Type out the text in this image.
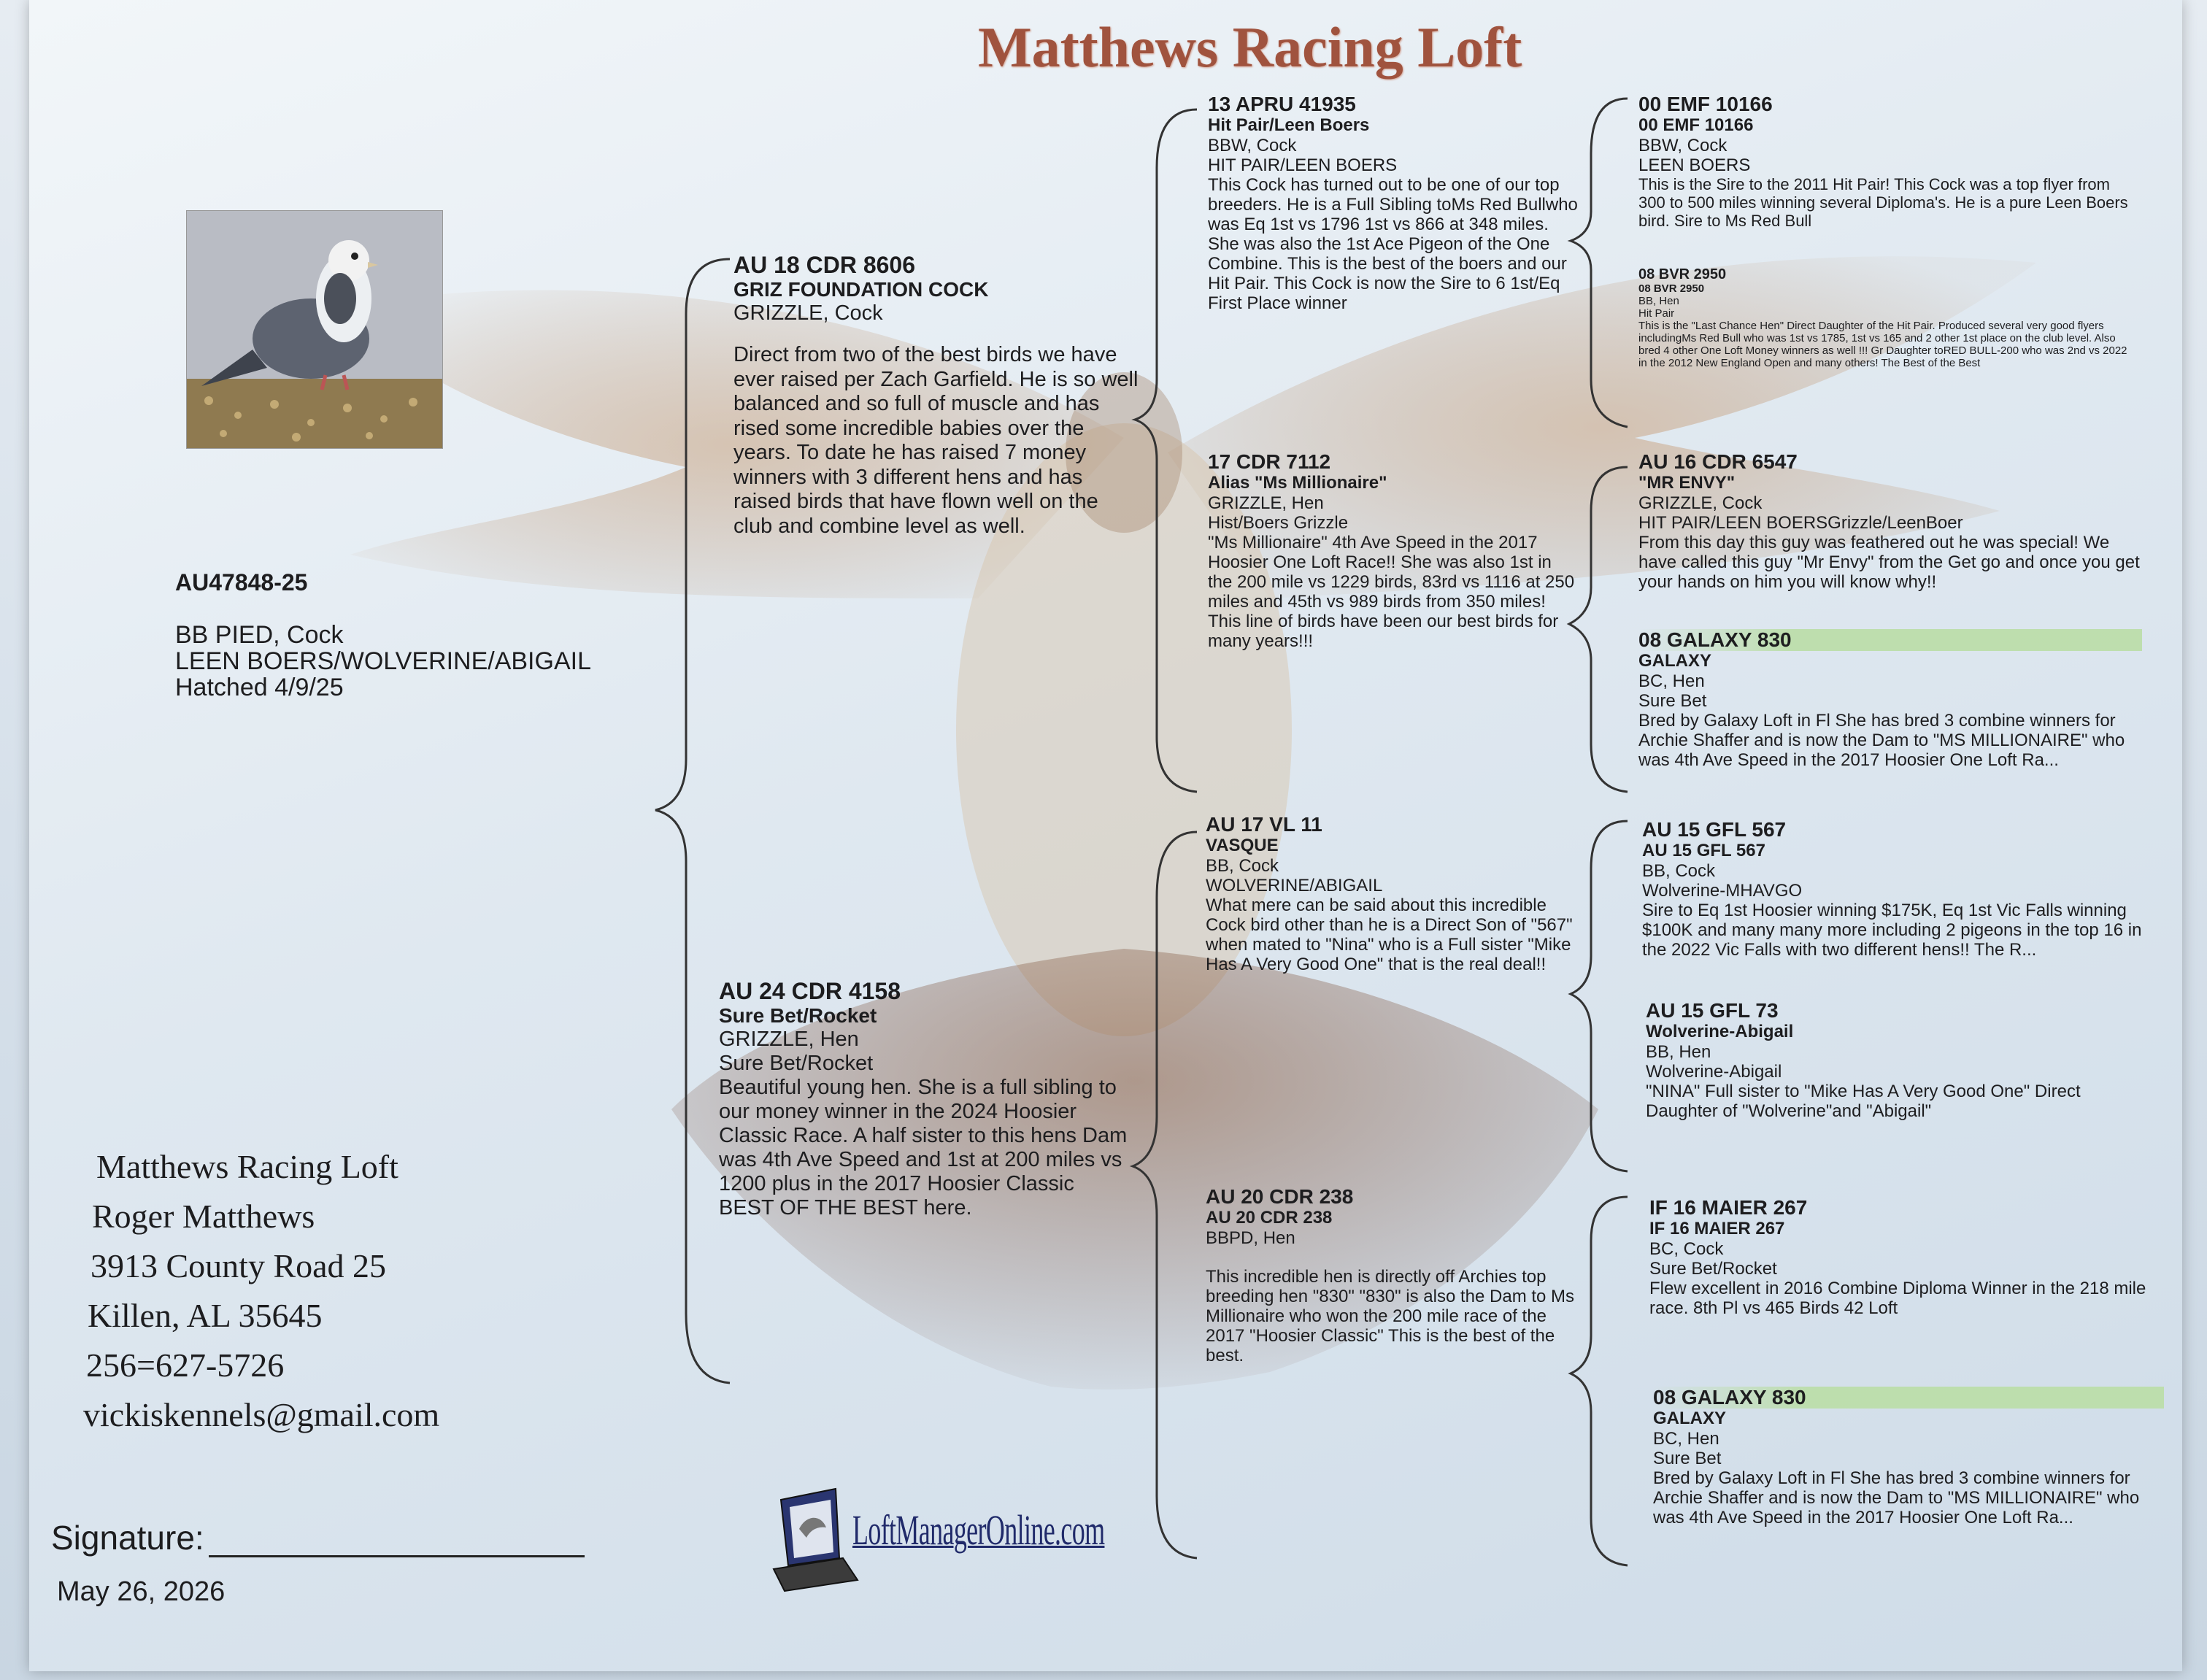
Matthews Racing Loft
AU47848-25
BB PIED, Cock
LEEN BOERS/WOLVERINE/ABIGAIL
Hatched 4/9/25
AU 18 CDR 8606
GRIZ FOUNDATION COCK
GRIZZLE, Cock
Direct from two of the best birds we have ever raised per Zach Garfield. He is so well balanced and so full of muscle and has rised some incredible babies over the years. To date he has raised 7 money winners with 3 different hens and has raised birds that have flown well on the club and combine level as well.
AU 24 CDR 4158
Sure Bet/Rocket
GRIZZLE, Hen
Sure Bet/Rocket
Beautiful young hen. She is a full sibling to our money winner in the 2024 Hoosier Classic Race. A half sister to this hens Dam was 4th Ave Speed and 1st at 200 miles vs 1200 plus in the 2017 Hoosier Classic BEST OF THE BEST here.
13 APRU 41935
Hit Pair/Leen Boers
BBW, Cock
HIT PAIR/LEEN BOERS
This Cock has turned out to be one of our top breeders. He is a Full Sibling toMs Red Bullwho was Eq 1st vs 1796 1st vs 866 at 348 miles. She was also the 1st Ace Pigeon of the One Combine. This is the best of the boers and our Hit Pair. This Cock is now the Sire to 6 1st/Eq First Place winner
17 CDR 7112
Alias "Ms Millionaire"
GRIZZLE, Hen
Hist/Boers Grizzle
"Ms Millionaire" 4th Ave Speed in the 2017 Hoosier One Loft Race!! She was also 1st in the 200 mile vs 1229 birds, 83rd vs 1116 at 250 miles and 45th vs 989 birds from 350 miles! This line of birds have been our best birds for many years!!!
AU 17 VL 11
VASQUE
BB, Cock
WOLVERINE/ABIGAIL
What mere can be said about this incredible Cock bird other than he is a Direct Son of "567" when mated to "Nina" who is a Full sister "Mike Has A Very Good One" that is the real deal!!
AU 20 CDR 238
AU 20 CDR 238
BBPD, Hen
This incredible hen is directly off Archies top breeding hen "830" "830" is also the Dam to Ms Millionaire who won the 200 mile race of the 2017 "Hoosier Classic" This is the best of the best.
00 EMF 10166
00 EMF 10166
BBW, Cock
LEEN BOERS
This is the Sire to the 2011 Hit Pair! This Cock was a top flyer from 300 to 500 miles winning several Diploma's. He is a pure Leen Boers bird. Sire to Ms Red Bull
08 BVR 2950
08 BVR 2950
BB, Hen
Hit Pair
This is the "Last Chance Hen" Direct Daughter of the Hit Pair. Produced several very good flyers includingMs Red Bull who was 1st vs 1785, 1st vs 165 and 2 other 1st place on the club level. Also bred 4 other One Loft Money winners as well !!! Gr Daughter toRED BULL-200 who was 2nd vs 2022 in the 2012 New England Open and many others! The Best of the Best
AU 16 CDR 6547
"MR ENVY"
GRIZZLE, Cock
HIT PAIR/LEEN BOERSGrizzle/LeenBoer
From this day this guy was feathered out he was special! We have called this guy "Mr Envy" from the Get go and once you get your hands on him you will know why!!
08 GALAXY 830
GALAXY
BC, Hen
Sure Bet
Bred by Galaxy Loft in Fl She has bred 3 combine winners for Archie Shaffer and is now the Dam to "MS MILLIONAIRE" who was 4th Ave Speed in the 2017 Hoosier One Loft Ra...
AU 15 GFL 567
AU 15 GFL 567
BB, Cock
Wolverine-MHAVGO
Sire to Eq 1st Hoosier winning $175K, Eq 1st Vic Falls winning $100K and many many more including 2 pigeons in the top 16 in the 2022 Vic Falls with two different hens!! The R...
AU 15 GFL 73
Wolverine-Abigail
BB, Hen
Wolverine-Abigail
"NINA" Full sister to "Mike Has A Very Good One" Direct Daughter of "Wolverine"and "Abigail"
IF 16 MAIER 267
IF 16 MAIER 267
BC, Cock
Sure Bet/Rocket
Flew excellent in 2016 Combine Diploma Winner in the 218 mile race. 8th Pl vs 465 Birds 42 Loft
08 GALAXY 830
GALAXY
BC, Hen
Sure Bet
Bred by Galaxy Loft in Fl She has bred 3 combine winners for Archie Shaffer and is now the Dam to "MS MILLIONAIRE" who was 4th Ave Speed in the 2017 Hoosier One Loft Ra...
Matthews Racing Loft
Roger Matthews
3913 County Road 25
Killen, AL 35645
256=627-5726
vickiskennels@gmail.com
Signature:
May 26, 2026
LoftManagerOnline.com
